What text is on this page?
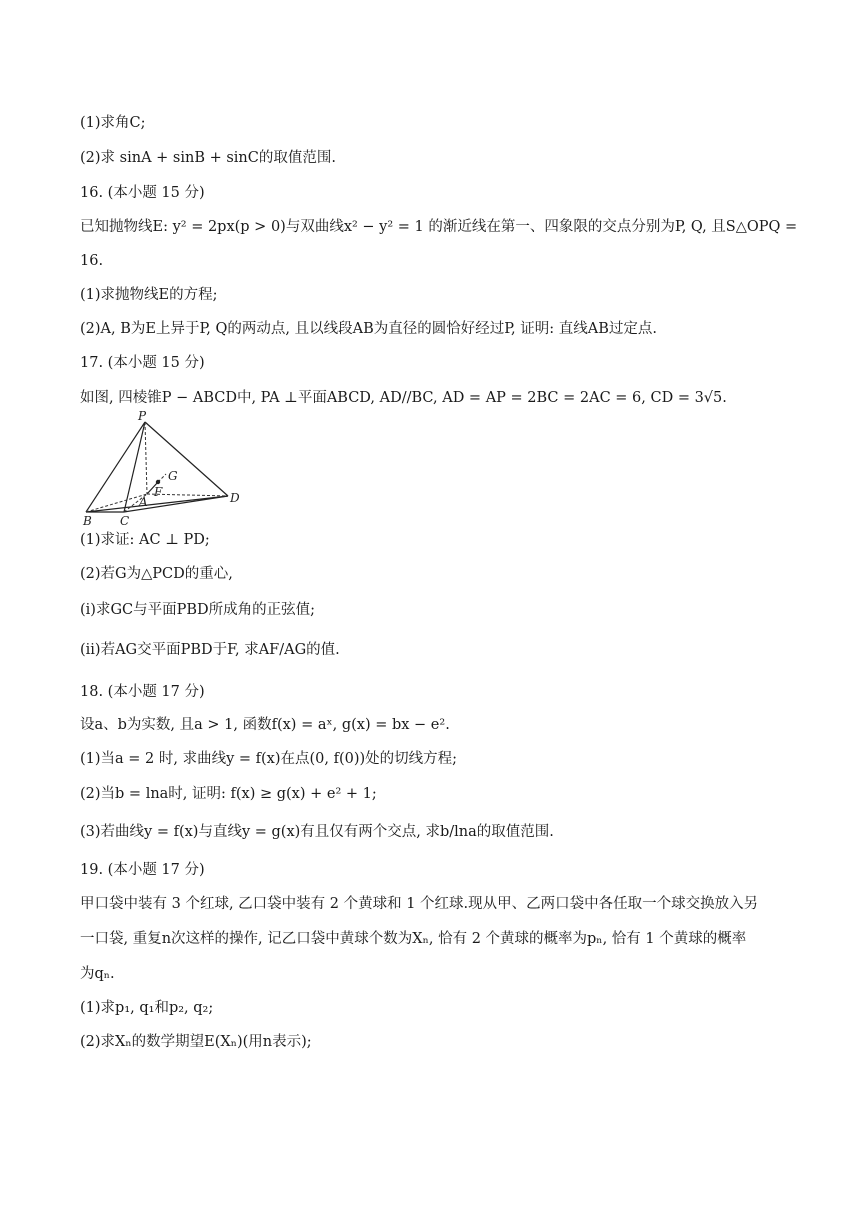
(1)求角C;
(2)求 sinA + sinB + sinC的取值范围.
16. (本小题 15 分)
已知抛物线E: y² = 2px(p > 0)与双曲线x² − y² = 1 的渐近线在第一、四象限的交点分别为P, Q, 且S△OPQ =
16.
(1)求抛物线E的方程;
(2)A, B为E上异于P, Q的两动点, 且以线段AB为直径的圆恰好经过P, 证明: 直线AB过定点.
17. (本小题 15 分)
如图, 四棱锥P − ABCD中, PA ⊥平面ABCD, AD//BC, AD = AP = 2BC = 2AC = 6, CD = 3√5.
P
G
F
A
B C
D
(1)求证: AC ⊥ PD;
(2)若G为△PCD的重心,
(i)求GC与平面PBD所成角的正弦值;
(ii)若AG交平面PBD于F, 求AF/AG的值.
18. (本小题 17 分)
设a、b为实数, 且a > 1, 函数f(x) = aˣ, g(x) = bx − e².
(1)当a = 2 时, 求曲线y = f(x)在点(0, f(0))处的切线方程;
(2)当b = lna时, 证明: f(x) ≥ g(x) + e² + 1;
(3)若曲线y = f(x)与直线y = g(x)有且仅有两个交点, 求b/lna的取值范围.
19. (本小题 17 分)
甲口袋中装有 3 个红球, 乙口袋中装有 2 个黄球和 1 个红球.现从甲、乙两口袋中各任取一个球交换放入另
一口袋, 重复n次这样的操作, 记乙口袋中黄球个数为Xₙ, 恰有 2 个黄球的概率为pₙ, 恰有 1 个黄球的概率
为qₙ.
(1)求p₁, q₁和p₂, q₂;
(2)求Xₙ的数学期望E(Xₙ)(用n表示);
